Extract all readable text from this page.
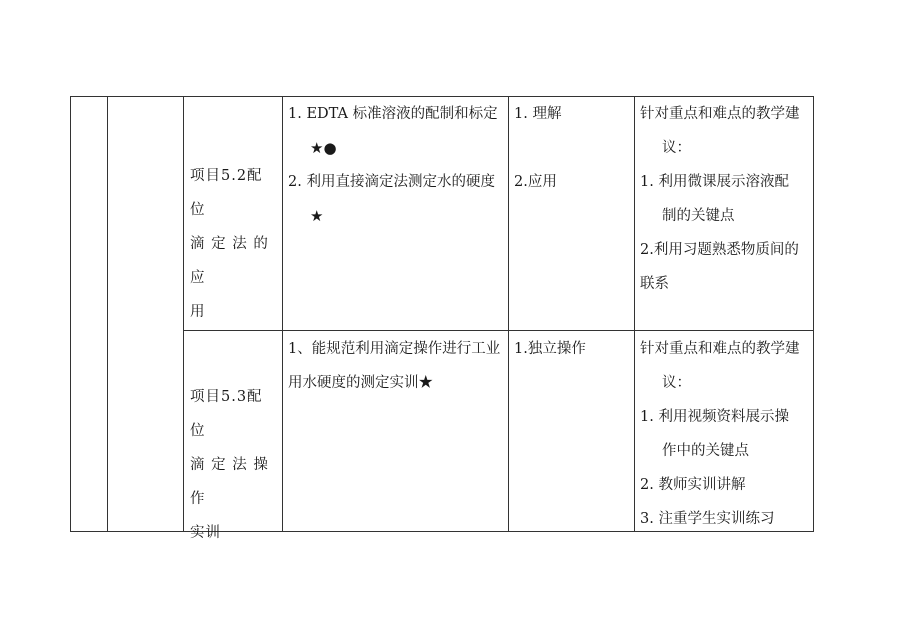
项目5.2配位
滴 定 法 的 应
用
1. EDTA 标准溶液的配制和标定
★●
2. 利用直接滴定法测定水的硬度
★
1. 理解

2.应用
针对重点和难点的教学建
议：
1. 利用微课展示溶液配
制的关键点
2.利用习题熟悉物质间的
联系
项目5.3配位
滴 定 法 操 作
实训
1、能规范利用滴定操作进行工业
用水硬度的测定实训★
1.独立操作	针对重点和难点的教学建
议：
1. 利用视频资料展示操
作中的关键点
2. 教师实训讲解
3. 注重学生实训练习
